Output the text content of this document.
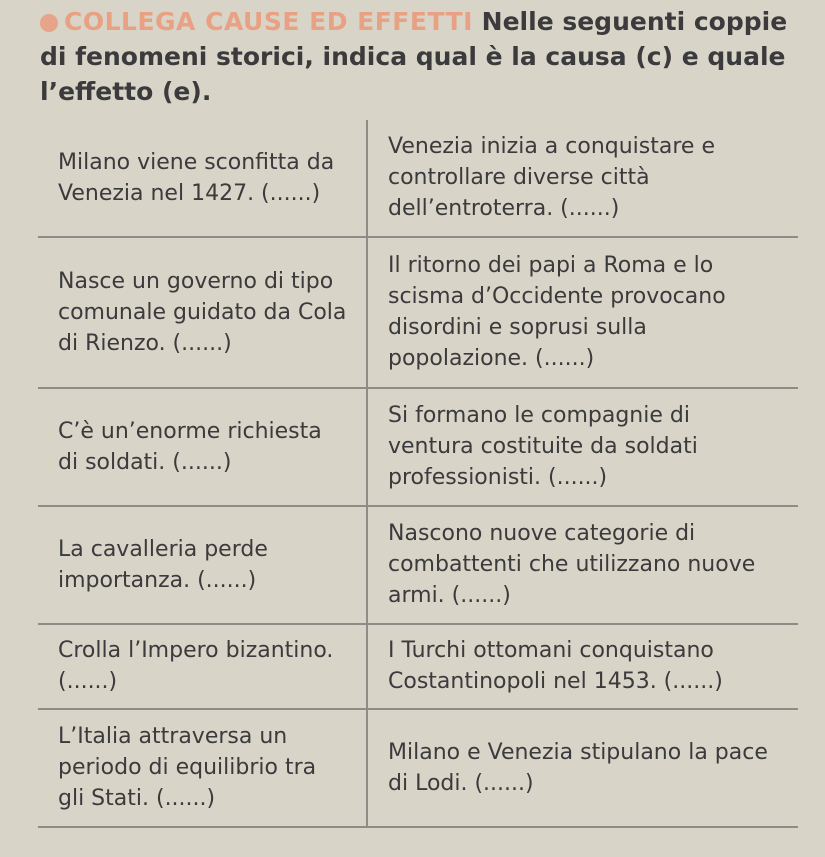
COLLEGA CAUSE ED EFFETTI Nelle seguenti coppie di fenomeni storici, indica qual è la causa (c) e quale l’effetto (e).
Milano viene sconfitta da Venezia nel 1427. (......)	Venezia inizia a conquistare e controllare diverse città dell’entroterra. (......)
Nasce un governo di tipo comunale guidato da Cola di Rienzo. (......)	Il ritorno dei papi a Roma e lo scisma d’Occidente provocano disordini e soprusi sulla popolazione. (......)
C’è un’enorme richiesta di soldati. (......)	Si formano le compagnie di ventura costituite da soldati professionisti. (......)
La cavalleria perde importanza. (......)	Nascono nuove categorie di combattenti che utilizzano nuove armi. (......)
Crolla l’Impero bizantino. (......)	I Turchi ottomani conquistano Costantinopoli nel 1453. (......)
L’Italia attraversa un periodo di equilibrio tra gli Stati. (......)	Milano e Venezia stipulano la pace di Lodi. (......)
